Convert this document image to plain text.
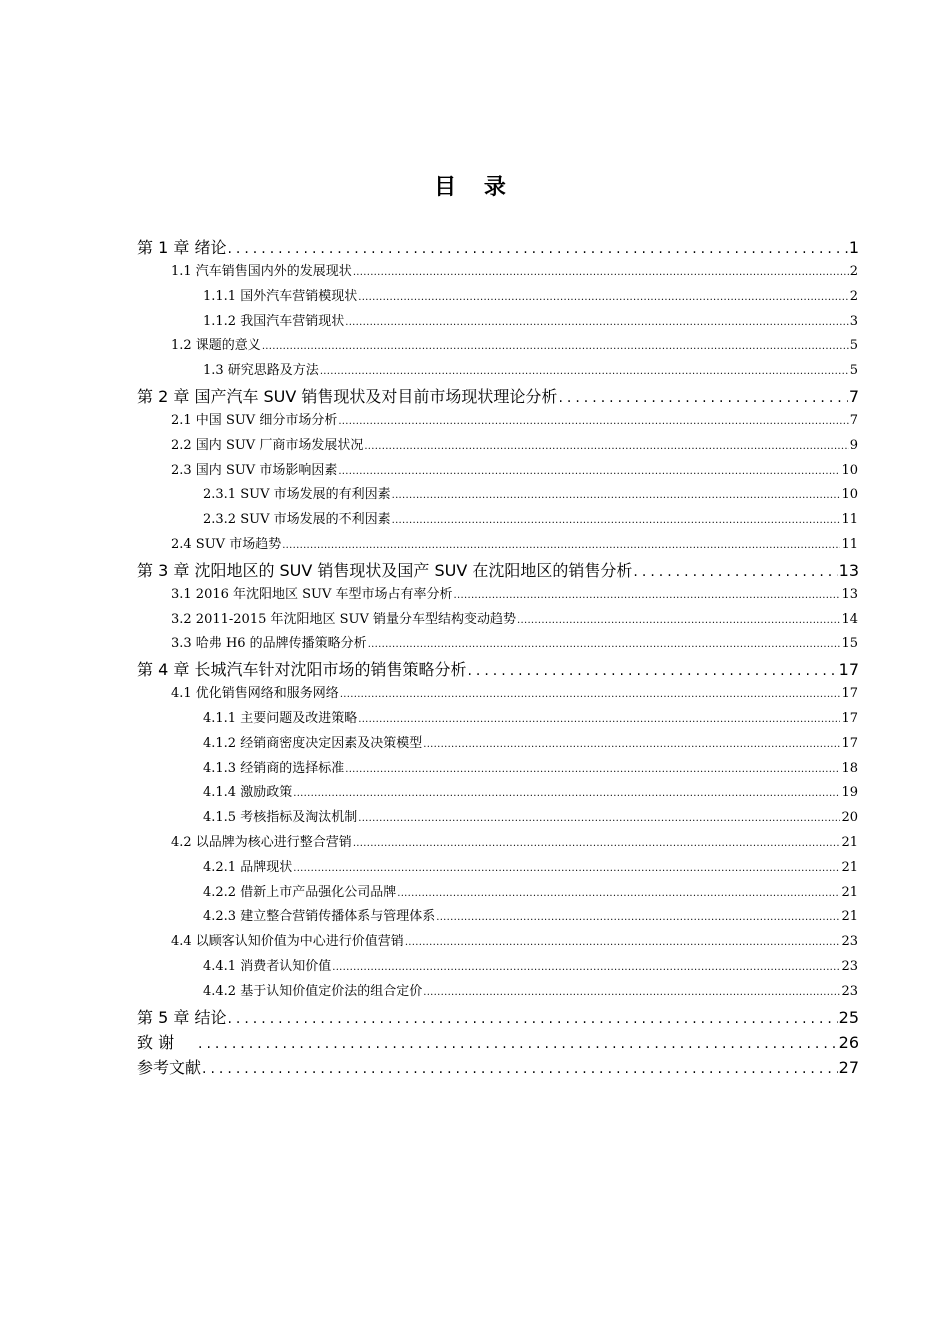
目 录
第 1 章 绪论 .....	1
1.1 汽车销售国内外的发展现状 .....	2
1.1.1 国外汽车营销模现状 .....	2
1.1.2 我国汽车营销现状 .....	3
1.2 课题的意义 .....	5
1.3 研究思路及方法 .....	5
第 2 章 国产汽车 SUV 销售现状及对目前市场现状理论分析 .....	7
2.1 中国 SUV 细分市场分析 .....	7
2.2 国内 SUV 厂商市场发展状况 .....	9
2.3 国内 SUV 市场影响因素 .....	10
2.3.1 SUV 市场发展的有利因素 .....	10
2.3.2 SUV 市场发展的不利因素 .....	11
2.4 SUV 市场趋势 .....	11
第 3 章 沈阳地区的 SUV 销售现状及国产 SUV 在沈阳地区的销售分析 .....	13
3.1 2016 年沈阳地区 SUV 车型市场占有率分析 .....	13
3.2 2011-2015 年沈阳地区 SUV 销量分车型结构变动趋势 .....	14
3.3 哈弗 H6 的品牌传播策略分析 .....	15
第 4 章 长城汽车针对沈阳市场的销售策略分析 .....	17
4.1 优化销售网络和服务网络 .....	17
4.1.1 主要问题及改进策略 .....	17
4.1.2 经销商密度决定因素及决策模型 .....	17
4.1.3 经销商的选择标准 .....	18
4.1.4 激励政策 .....	19
4.1.5 考核指标及淘汰机制 .....	20
4.2 以品牌为核心进行整合营销 .....	21
4.2.1 品牌现状 .....	21
4.2.2 借新上市产品强化公司品牌 .....	21
4.2.3 建立整合营销传播体系与管理体系 .....	21
4.4 以顾客认知价值为中心进行价值营销 .....	23
4.4.1 消费者认知价值 .....	23
4.4.2 基于认知价值定价法的组合定价 .....	23
第 5 章 结论 .....	25
致 谢 .....	26
参考文献 .....	27
